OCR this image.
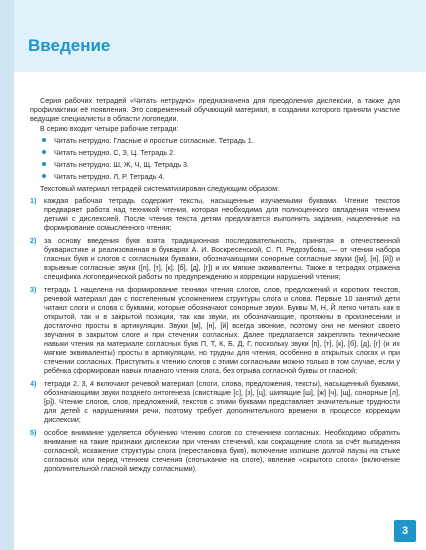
Введение

Серия рабочих тетрадей «Читать нетрудно» предназначена для преодоления дислексии, а также для профилактики её появления. Это современный обучающий материал, в создании которого приняли участие ведущие специалисты в области логопедии.

В серию входит четыре рабочие тетради:

Читать нетрудно. Гласные и простые согласные. Тетрадь 1.
Читать нетрудно. С, З, Ц. Тетрадь 2.
Читать нетрудно. Ш, Ж, Ч, Щ. Тетрадь 3.
Читать нетрудно. Л, Р. Тетрадь 4.

Текстовый материал тетрадей систематизирован следующим образом:

1)	каждая рабочая тетрадь содержит тексты, насыщенные изучаемыми буквами. Чтение текстов предваряет работа над техникой чтения, которая необходима для полноценного овладения чтением детьми с дислексией. После чтения текста детям предлагается выполнить задания, нацеленные на формирование осмысленного чтения;
2)	за основу введения букв взята традиционная последовательность, принятая в отечественной букваристике и реализованная в букварях А. И. Воскресенской, С. П. Редозубова, — от чтения набора гласных букв и слогов с согласными буквами, обозначающими сонорные согласные звуки ([м], [н], [й]) и взрывные согласные звуки ([п], [т], [к], [б], [д], [г]) и их мягкие эквиваленты. Также в тетрадях отражена специфика логопедической работы по предупреждению и коррекции нарушений чтения;
3)	тетрадь 1 нацелена на формирование техники чтения слогов, слов, предложений и коротких текстов, речевой материал дан с постепенным усложнением структуры слога и слова. Первые 10 занятий дети читают слоги и слова с буквами, которые обозначают сонорные звуки. Буквы М, Н, Й легко читать как в открытой, так и в закрытой позиции, так как звуки, их обозначающие, протяжны в произнесении и достаточно просты в артикуляции. Звуки [м], [н], [й] всегда звонкие, поэтому они не меняют своего звучания в закрытом слоге и при стечении согласных. Далее предлагается закреплять технические навыки чтения на материале согласных букв П, Т, К, Б, Д, Г, поскольку звуки [п], [т], [к], [б], [д], [г] (и их мягкие эквиваленты) просты в артикуляции, но трудны для чтения, особенно в открытых слогах и при стечении согласных. Приступить к чтению слогов с этими согласными можно только в том случае, если у ребёнка сформирован навык плавного чтения слога, без отрыва согласной буквы от гласной;
4)	тетради 2, 3, 4 включают речевой материал (слоги, слова, предложения, тексты), насыщенный буквами, обозначающими звуки позднего онтогенеза (свистящие [с], [з], [ц], шипящие [ш], [ж] [ч], [щ], сонорные [л], [р]). Чтение слогов, слов, предложений, текстов с этими буквами представляет значительные трудности для детей с нарушениями речи, поэтому требует дополнительного времени в процессе коррекции дислексии;
5)	особое внимание уделяется обучению чтению слогов со стечением согласных. Необходимо обратить внимание на такие признаки дислексии при чтении стечений, как сокращение слога за счёт выпадения согласной, искажение структуры слога (перестановка букв), включение излишне долгой паузы на стыке согласных или перед чтением стечения (спотыкание на слоге), явление «скрытого слога» (включение дополнительной гласной между согласными).
3
